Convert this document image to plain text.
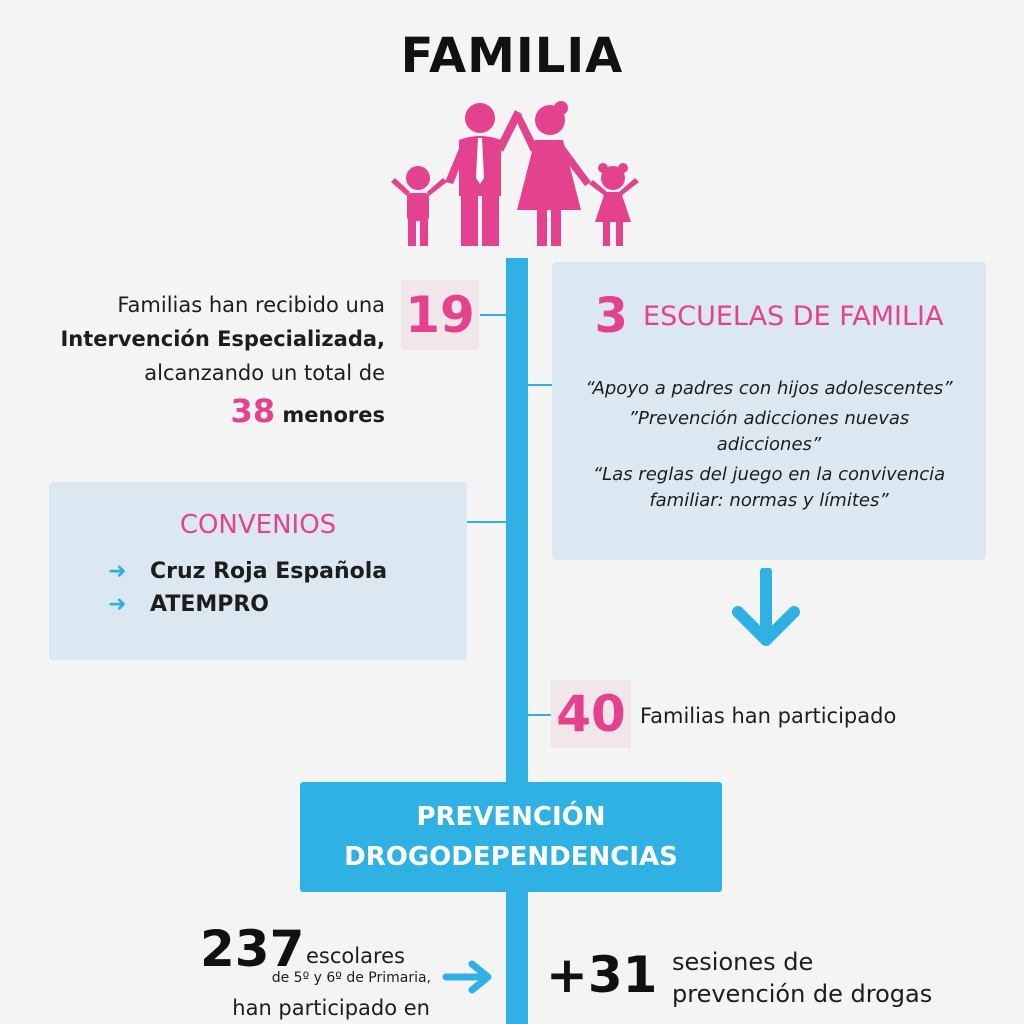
FAMILIA
Familias han recibido una
Intervención Especializada,
alcanzando un total de
19
38 menores
3 ESCUELAS DE FAMILIA
“Apoyo a padres con hijos adolescentes”
”Prevención adicciones nuevas adicciones”
“Las reglas del juego en la convivencia familiar: normas y límites”
CONVENIOS
➜ Cruz Roja Española
➜ ATEMPRO
40 Familias han participado
PREVENCIÓN
DROGODEPENDENCIAS
237 escolares
de 5º y 6º de Primaria,
han participado en
+31 sesiones de
prevención de drogas
